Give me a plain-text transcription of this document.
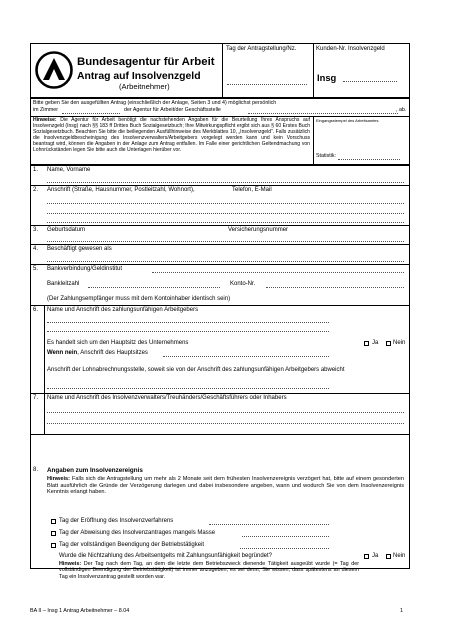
Bundesagentur für Arbeit
Antrag auf Insolvenzgeld
(Arbeitnehmer)
Tag der Antragstellung/Nz.	Kunden-Nr. Insolvenzgeld
Insg
Bitte geben Sie den ausgefüllten Antrag (einschließlich der Anlage, Seiten 3 und 4) möglichst persönlich
im Zimmer	der Agentur für Arbeit/der Geschäftsstelle	, ab.
Hinweise: Die Agentur für Arbeit benötigt die nachstehenden Angaben für die Beurteilung Ihres Anspruchs auf Insolvenzgeld (Insg) nach §§ 183 ff Drittes Buch Sozialgesetzbuch; Ihre Mitwirkungspflicht ergibt sich aus § 60 Erstes Buch Sozialgesetzbuch. Beachten Sie bitte die beiliegenden Ausfüllhinweise des Merkblattes 10, „Insolvenzgeld“. Falls zusätzlich die Insolvenzgeldbescheinigung des Insolvenzverwalters/Arbeitgebers vorgelegt werden kann und kein Vorschuss beantragt wird, können die Angaben in der Anlage zum Antrag entfallen. Im Falle einer gerichtlichen Geltendmachung von Lohnrückständen legen Sie bitte auch die Unterlagen hierüber vor.
Eingangsstempel des Arbeitsamtes
Statistik:
1. Name, Vorname
2. Anschrift (Straße, Hausnummer, Postleitzahl, Wohnort),	Telefon, E-Mail
3. Geburtsdatum	Versicherungsnummer
4. Beschäftigt gewesen als
5. Bankverbindung/Geldinstitut
Bankleitzahl	Konto-Nr.
(Der Zahlungsempfänger muss mit dem Kontoinhaber identisch sein)
6. Name und Anschrift des zahlungsunfähigen Arbeitgebers
Es handelt sich um den Hauptsitz des Unternehmens	Ja Nein
Wenn nein, Anschrift des Hauptsitzes
Anschrift der Lohnabrechnungsstelle, soweit sie von der Anschrift des zahlungsunfähigen Arbeitgebers abweicht
7. Name und Anschrift des Insolvenzverwalters/Treuhänders/Geschäftsführers oder Inhabers
8. Angaben zum Insolvenzereignis
Hinweis: Falls sich die Antragstellung um mehr als 2 Monate seit dem frühesten Insolvenzereignis verzögert hat, bitte auf einem gesonderten Blatt ausführlich die Gründe der Verzögerung darlegen und dabei insbesondere angeben, wann und wodurch Sie von dem Insolvenzereignis Kenntnis erlangt haben.
Tag der Eröffnung des Insolvenzverfahrens
Tag der Abweisung des Insolvenzantrages mangels Masse
Tag der vollständigen Beendigung der Betriebstätigkeit
Wurde die Nichtzahlung des Arbeitsentgelts mit Zahlungsunfähigkeit begründet?	Ja Nein
Hinweis: Der Tag nach dem Tag, an dem die letzte dem Betriebszweck dienende Tätigkeit ausgeübt wurde (= Tag der vollständigen Beendigung der Betriebstätigkeit) ist immer anzugeben, es sei denn, Sie wissen, dass spätestens an diesem Tag ein Insolvenzantrag gestellt worden war.
BA II – Insg 1 Antrag Arbeitnehmer – 8.04	1
